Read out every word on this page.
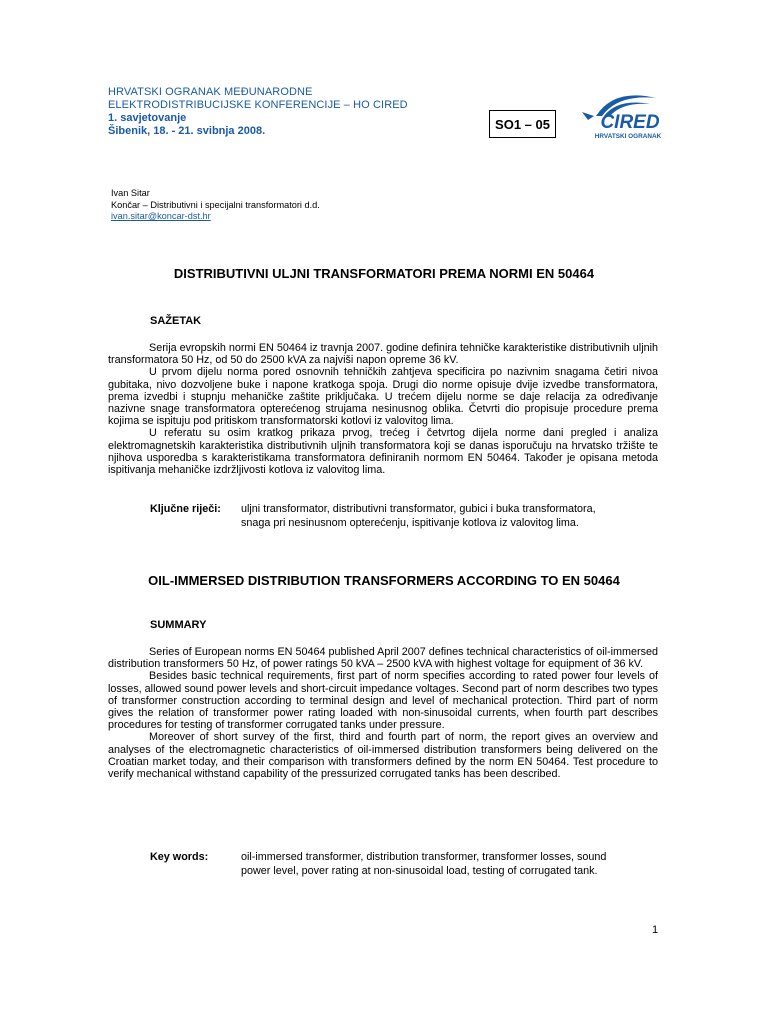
HRVATSKI OGRANAK MEĐUNARODNE
ELEKTRODISTRIBUCIJSKE KONFERENCIJE – HO CIRED
1. savjetovanje
Šibenik, 18. - 21. svibnja 2008.	SO1 – 05	CIRED
HRVATSKI OGRANAK
Ivan Sitar
Končar – Distributivni i specijalni transformatori d.d.
ivan.sitar@koncar-dst.hr
DISTRIBUTIVNI ULJNI TRANSFORMATORI PREMA NORMI EN 50464
SAŽETAK

Serija evropskih normi EN 50464 iz travnja 2007. godine definira tehničke karakteristike distributivnih uljnih transformatora 50 Hz, od 50 do 2500 kVA za najviši napon opreme 36 kV.

U prvom dijelu norma pored osnovnih tehničkih zahtjeva specificira po nazivnim snagama četiri nivoa gubitaka, nivo dozvoljene buke i napone kratkoga spoja. Drugi dio norme opisuje dvije izvedbe transformatora, prema izvedbi i stupnju mehaničke zaštite priključaka. U trećem dijelu norme se daje relacija za određivanje nazivne snage transformatora opterećenog strujama nesinusnog oblika. Četvrti dio propisuje procedure prema kojima se ispituju pod pritiskom transformatorski kotlovi iz valovitog lima.

U referatu su osim kratkog prikaza prvog, trećeg i četvrtog dijela norme dani pregled i analiza elektromagnetskih karakteristika distributivnih uljnih transformatora koji se danas isporučuju na hrvatsko tržište te njihova usporedba s karakteristikama transformatora definiranih normom EN 50464. Također je opisana metoda ispitivanja mehaničke izdržljivosti kotlova iz valovitog lima.

Ključne riječi: uljni transformator, distributivni transformator, gubici i buka transformatora,
snaga pri nesinusnom opterećenju, ispitivanje kotlova iz valovitog lima.
OIL-IMMERSED DISTRIBUTION TRANSFORMERS ACCORDING TO EN 50464
SUMMARY

Series of European norms EN 50464 published April 2007 defines technical characteristics of oil-immersed distribution transformers 50 Hz, of power ratings 50 kVA – 2500 kVA with highest voltage for equipment of 36 kV.

Besides basic technical requirements, first part of norm specifies according to rated power four levels of losses, allowed sound power levels and short-circuit impedance voltages. Second part of norm describes two types of transformer construction according to terminal design and level of mechanical protection. Third part of norm gives the relation of transformer power rating loaded with non-sinusoidal currents, when fourth part describes procedures for testing of transformer corrugated tanks under pressure.

Moreover of short survey of the first, third and fourth part of norm, the report gives an overview and analyses of the electromagnetic characteristics of oil-immersed distribution transformers being delivered on the Croatian market today, and their comparison with transformers defined by the norm EN 50464. Test procedure to verify mechanical withstand capability of the pressurized corrugated tanks has been described.

Key words:	oil-immersed transformer, distribution transformer, transformer losses, sound
power level, pover rating at non-sinusoidal load, testing of corrugated tank.
1
